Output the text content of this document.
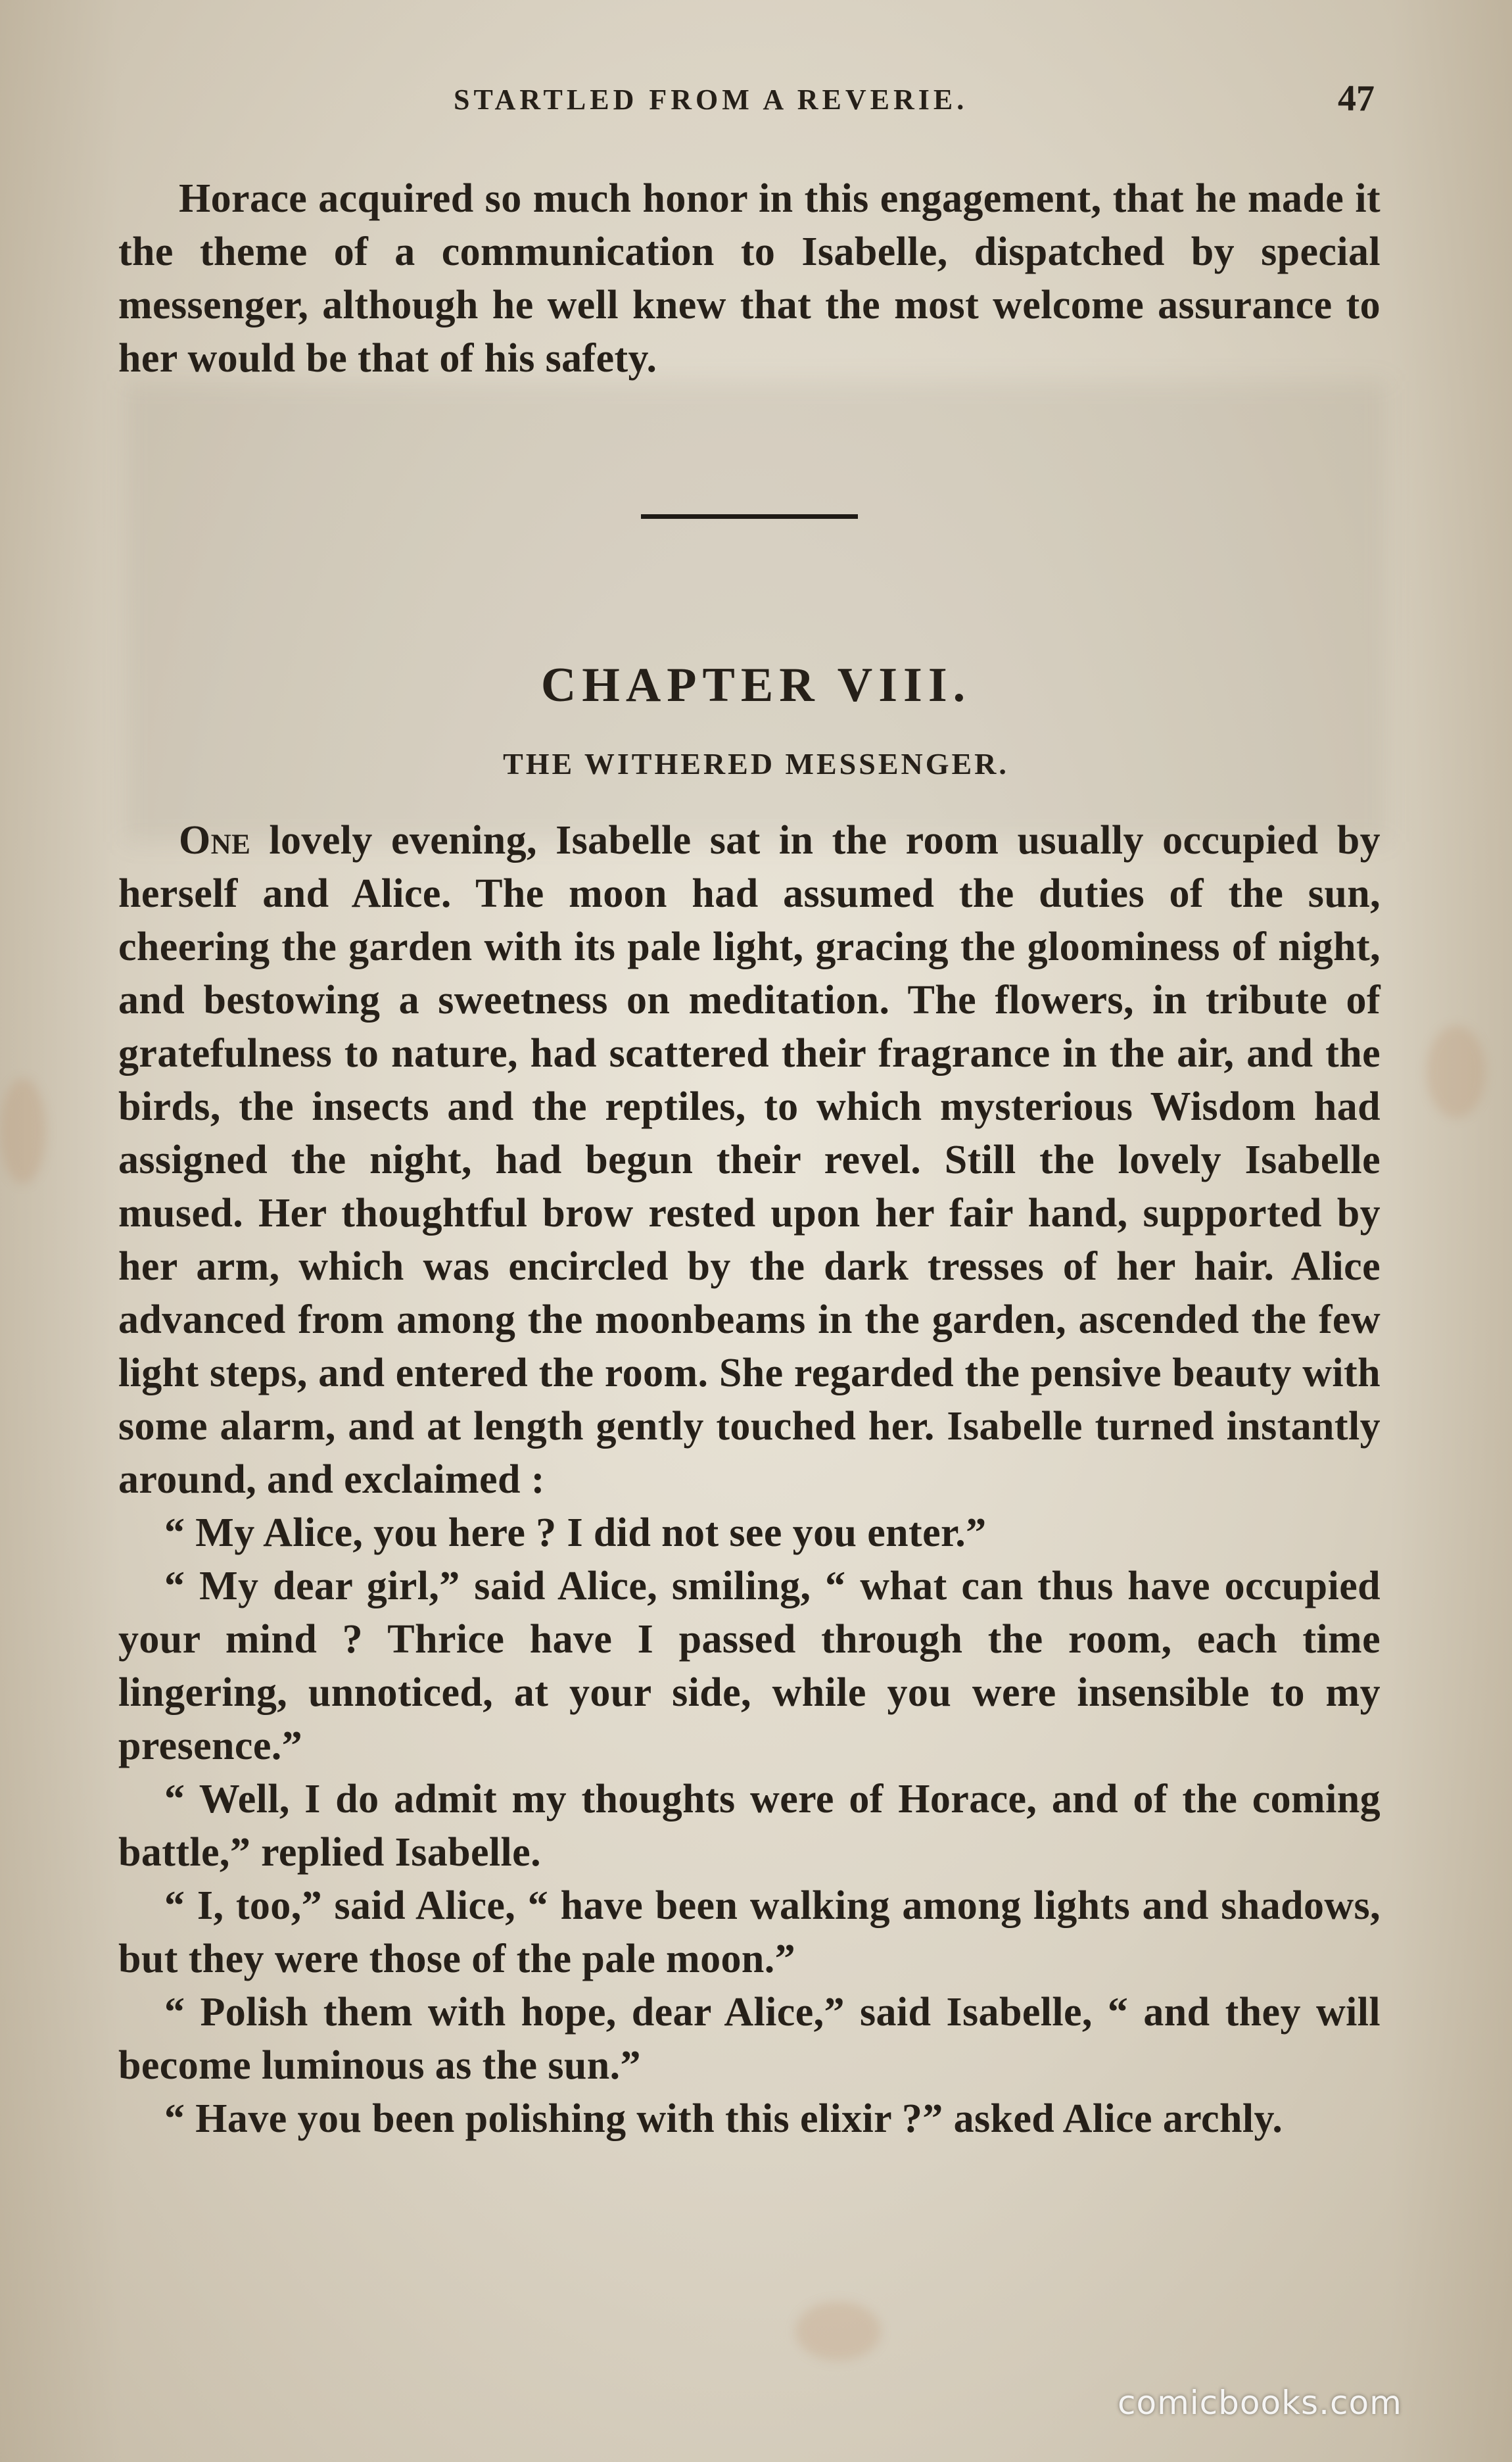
STARTLED FROM A REVERIE.	47

Horace acquired so much honor in this engagement, that he made it the theme of a communication to Isabelle, dispatched by special messenger, although he well knew that the most welcome assurance to her would be that of his safety.

CHAPTER VIII.
THE WITHERED MESSENGER.

One lovely evening, Isabelle sat in the room usually occupied by herself and Alice. The moon had assumed the duties of the sun, cheering the garden with its pale light, gracing the gloominess of night, and bestowing a sweetness on meditation. The flowers, in tribute of gratefulness to nature, had scattered their fragrance in the air, and the birds, the insects and the reptiles, to which mysterious Wisdom had assigned the night, had begun their revel. Still the lovely Isabelle mused. Her thoughtful brow rested upon her fair hand, supported by her arm, which was encircled by the dark tresses of her hair. Alice advanced from among the moonbeams in the garden, ascended the few light steps, and entered the room. She regarded the pensive beauty with some alarm, and at length gently touched her. Isabelle turned instantly around, and exclaimed :

“ My Alice, you here ? I did not see you enter.”

“ My dear girl,” said Alice, smiling, “ what can thus have occupied your mind ? Thrice have I passed through the room, each time lingering, unnoticed, at your side, while you were insensible to my presence.”

“ Well, I do admit my thoughts were of Horace, and of the coming battle,” replied Isabelle.

“ I, too,” said Alice, “ have been walking among lights and shadows, but they were those of the pale moon.”

“ Polish them with hope, dear Alice,” said Isabelle, “ and they will become luminous as the sun.”

“ Have you been polishing with this elixir ?” asked Alice archly.

comicbooks.com
